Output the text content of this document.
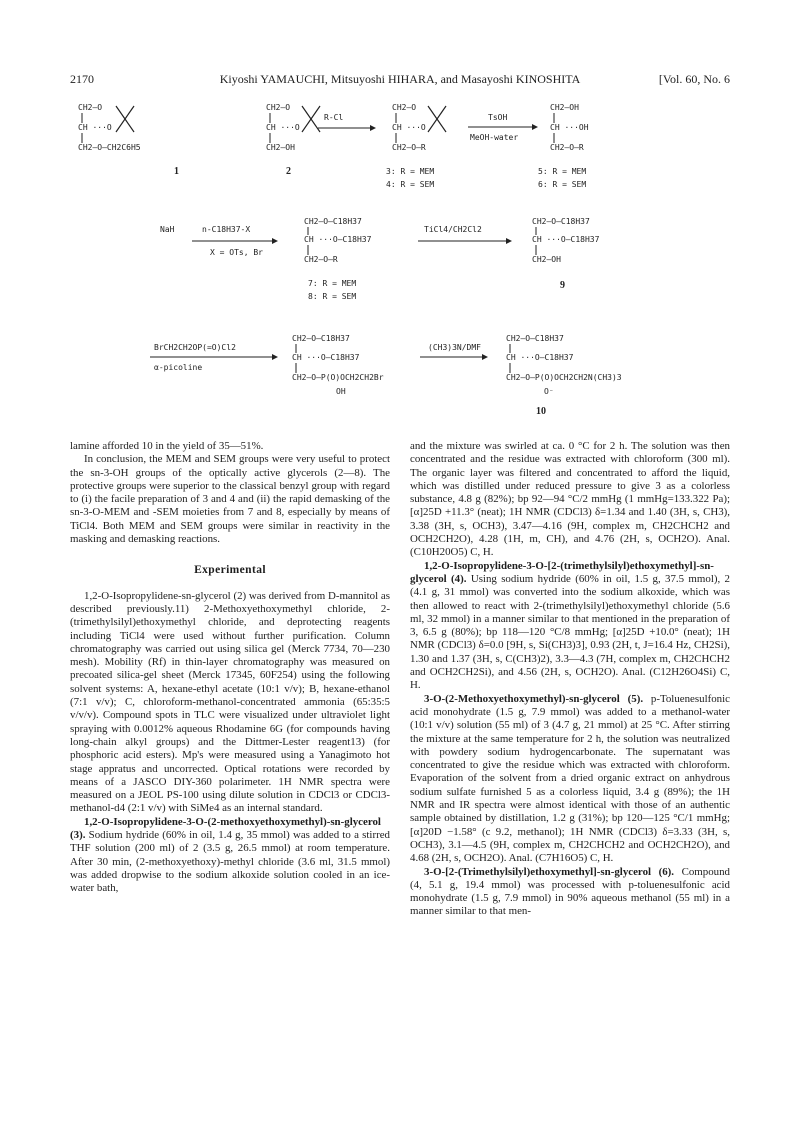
2170	Kiyoshi YAMAUCHI, Mitsuyoshi HIHARA, and Masayoshi KINOSHITA	[Vol. 60, No. 6
CH2—O
CH ···O
CH2—O—CH2C6H5
1
CH2—O
CH ···O
CH2—OH
2
R-Cl
CH2—O
CH ···O
CH2—O—R
3: R = MEM
4: R = SEM
TsOH
MeOH-water
CH2—OH
CH ···OH
CH2—O—R
5: R = MEM
6: R = SEM
NaH	n-C18H37-X
X = OTs, Br
CH2—O—C18H37
CH ···O—C18H37
CH2—O—R
7: R = MEM
8: R = SEM
TiCl4/CH2Cl2
CH2—O—C18H37
CH ···O—C18H37
CH2—OH
9
BrCH2CH2OP(=O)Cl2
α-picoline
CH2—O—C18H37
CH ···O—C18H37
CH2—O—P(O)OCH2CH2Br
OH
(CH3)3N/DMF
CH2—O—C18H37
CH ···O—C18H37
CH2—O—P(O)OCH2CH2N(CH3)3
O⁻
10

lamine afforded 10 in the yield of 35—51%.

In conclusion, the MEM and SEM groups were very useful to protect the sn-3-OH groups of the optically active glycerols (2—8). The protective groups were superior to the classical benzyl group with regard to (i) the facile preparation of 3 and 4 and (ii) the rapid demasking of the sn-3-O-MEM and -SEM moieties from 7 and 8, especially by means of TiCl4. Both MEM and SEM groups were similar in reactivity in the masking and demasking reactions.

Experimental

1,2-O-Isopropylidene-sn-glycerol (2) was derived from D-mannitol as described previously.11) 2-Methoxyethoxymethyl chloride, 2-(trimethylsilyl)ethoxymethyl chloride, and deprotecting reagents including TiCl4 were used without further purification. Column chromatography was carried out using silica gel (Merck 7734, 70—230 mesh). Mobility (Rf) in thin-layer chromatography was measured on precoated silica-gel sheet (Merck 17345, 60F254) using the following solvent systems: A, hexane-ethyl acetate (10:1 v/v); B, hexane-ethanol (7:1 v/v); C, chloroform-methanol-concentrated ammonia (65:35:5 v/v/v). Compound spots in TLC were visualized under ultraviolet light spraying with 0.0012% aqueous Rhodamine 6G (for compounds having long-chain alkyl groups) and the Dittmer-Lester reagent13) (for phosphoric acid esters). Mp's were measured using a Yanagimoto hot stage appratus and uncorrected. Optical rotations were recorded by means of a JASCO DIY-360 polarimeter. 1H NMR spectra were measured on a JEOL PS-100 using dilute solution in CDCl3 or CDCl3-methanol-d4 (2:1 v/v) with SiMe4 as an internal standard.

1,2-O-Isopropylidene-3-O-(2-methoxyethoxymethyl)-sn-glycerol (3). Sodium hydride (60% in oil, 1.4 g, 35 mmol) was added to a stirred THF solution (200 ml) of 2 (3.5 g, 26.5 mmol) at room temperature. After 30 min, (2-methoxyethoxy)-methyl chloride (3.6 ml, 31.5 mmol) was added dropwise to the sodium alkoxide solution cooled in an ice-water bath,

and the mixture was swirled at ca. 0 °C for 2 h. The solution was then concentrated and the residue was extracted with chloroform (300 ml). The organic layer was filtered and concentrated to afford the liquid, which was distilled under reduced pressure to give 3 as a colorless substance, 4.8 g (82%); bp 92—94 °C/2 mmHg (1 mmHg=133.322 Pa); [α]25D +11.3° (neat); 1H NMR (CDCl3) δ=1.34 and 1.40 (3H, s, CH3), 3.38 (3H, s, OCH3), 3.47—4.16 (9H, complex m, CH2CHCH2 and OCH2CH2O), 4.28 (1H, m, CH), and 4.76 (2H, s, OCH2O). Anal. (C10H20O5) C, H.

1,2-O-Isopropylidene-3-O-[2-(trimethylsilyl)ethoxymethyl]-sn-glycerol (4). Using sodium hydride (60% in oil, 1.5 g, 37.5 mmol), 2 (4.1 g, 31 mmol) was converted into the sodium alkoxide, which was then allowed to react with 2-(trimethylsilyl)ethoxymethyl chloride (5.6 ml, 32 mmol) in a manner similar to that mentioned in the preparation of 3, 6.5 g (80%); bp 118—120 °C/8 mmHg; [α]25D +10.0° (neat); 1H NMR (CDCl3) δ=0.0 [9H, s, Si(CH3)3], 0.93 (2H, t, J=16.4 Hz, CH2Si), 1.30 and 1.37 (3H, s, C(CH3)2), 3.3—4.3 (7H, complex m, CH2CHCH2 and OCH2CH2Si), and 4.56 (2H, s, OCH2O). Anal. (C12H26O4Si) C, H.

3-O-(2-Methoxyethoxymethyl)-sn-glycerol (5). p-Toluenesulfonic acid monohydrate (1.5 g, 7.9 mmol) was added to a methanol-water (10:1 v/v) solution (55 ml) of 3 (4.7 g, 21 mmol) at 25 °C. After stirring the mixture at the same temperature for 2 h, the solution was neutralized with powdery sodium hydrogencarbonate. The supernatant was concentrated to give the residue which was extracted with chloroform. Evaporation of the solvent from a dried organic extract on anhydrous sodium sulfate furnished 5 as a colorless liquid, 3.4 g (89%); the 1H NMR and IR spectra were almost identical with those of an authentic sample obtained by distillation, 1.2 g (31%); bp 120—125 °C/1 mmHg; [α]20D −1.58° (c 9.2, methanol); 1H NMR (CDCl3) δ=3.33 (3H, s, OCH3), 3.1—4.5 (9H, complex m, CH2CHCH2 and OCH2CH2O), and 4.68 (2H, s, OCH2O). Anal. (C7H16O5) C, H.

3-O-[2-(Trimethylsilyl)ethoxymethyl]-sn-glycerol (6). Compound (4, 5.1 g, 19.4 mmol) was processed with p-toluenesulfonic acid monohydrate (1.5 g, 7.9 mmol) in 90% aqueous methanol (55 ml) in a manner similar to that men-
